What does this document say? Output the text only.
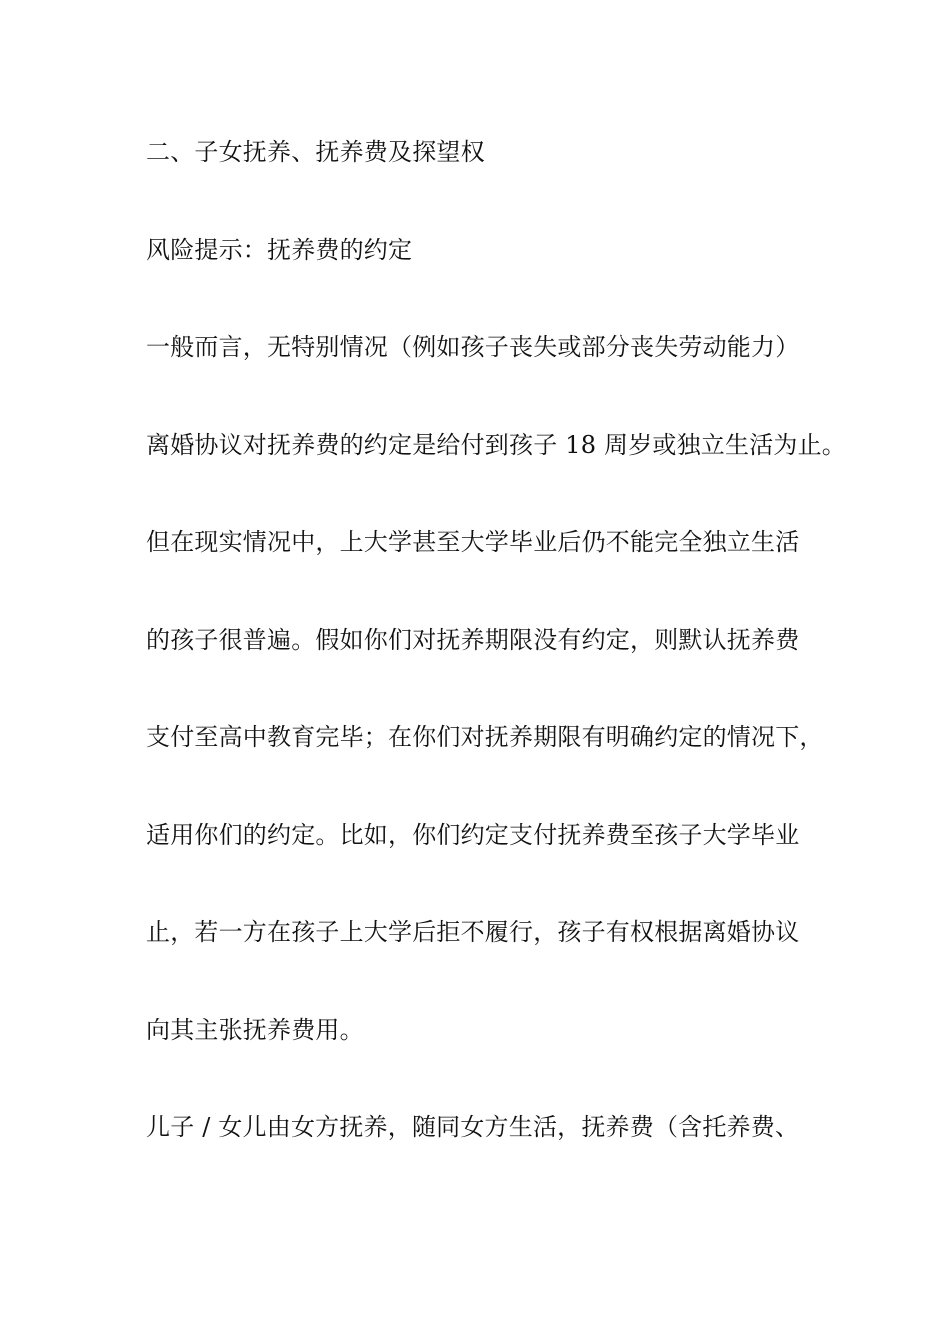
二、子女抚养、抚养费及探望权
风险提示：抚养费的约定
一般而言，无特别情况（例如孩子丧失或部分丧失劳动能力）
离婚协议对抚养费的约定是给付到孩子 18 周岁或独立生活为止。
但在现实情况中，上大学甚至大学毕业后仍不能完全独立生活
的孩子很普遍。假如你们对抚养期限没有约定，则默认抚养费
支付至高中教育完毕；在你们对抚养期限有明确约定的情况下，
适用你们的约定。比如，你们约定支付抚养费至孩子大学毕业
止，若一方在孩子上大学后拒不履行，孩子有权根据离婚协议
向其主张抚养费用。
儿子 / 女儿由女方抚养，随同女方生活，抚养费（含托养费、
